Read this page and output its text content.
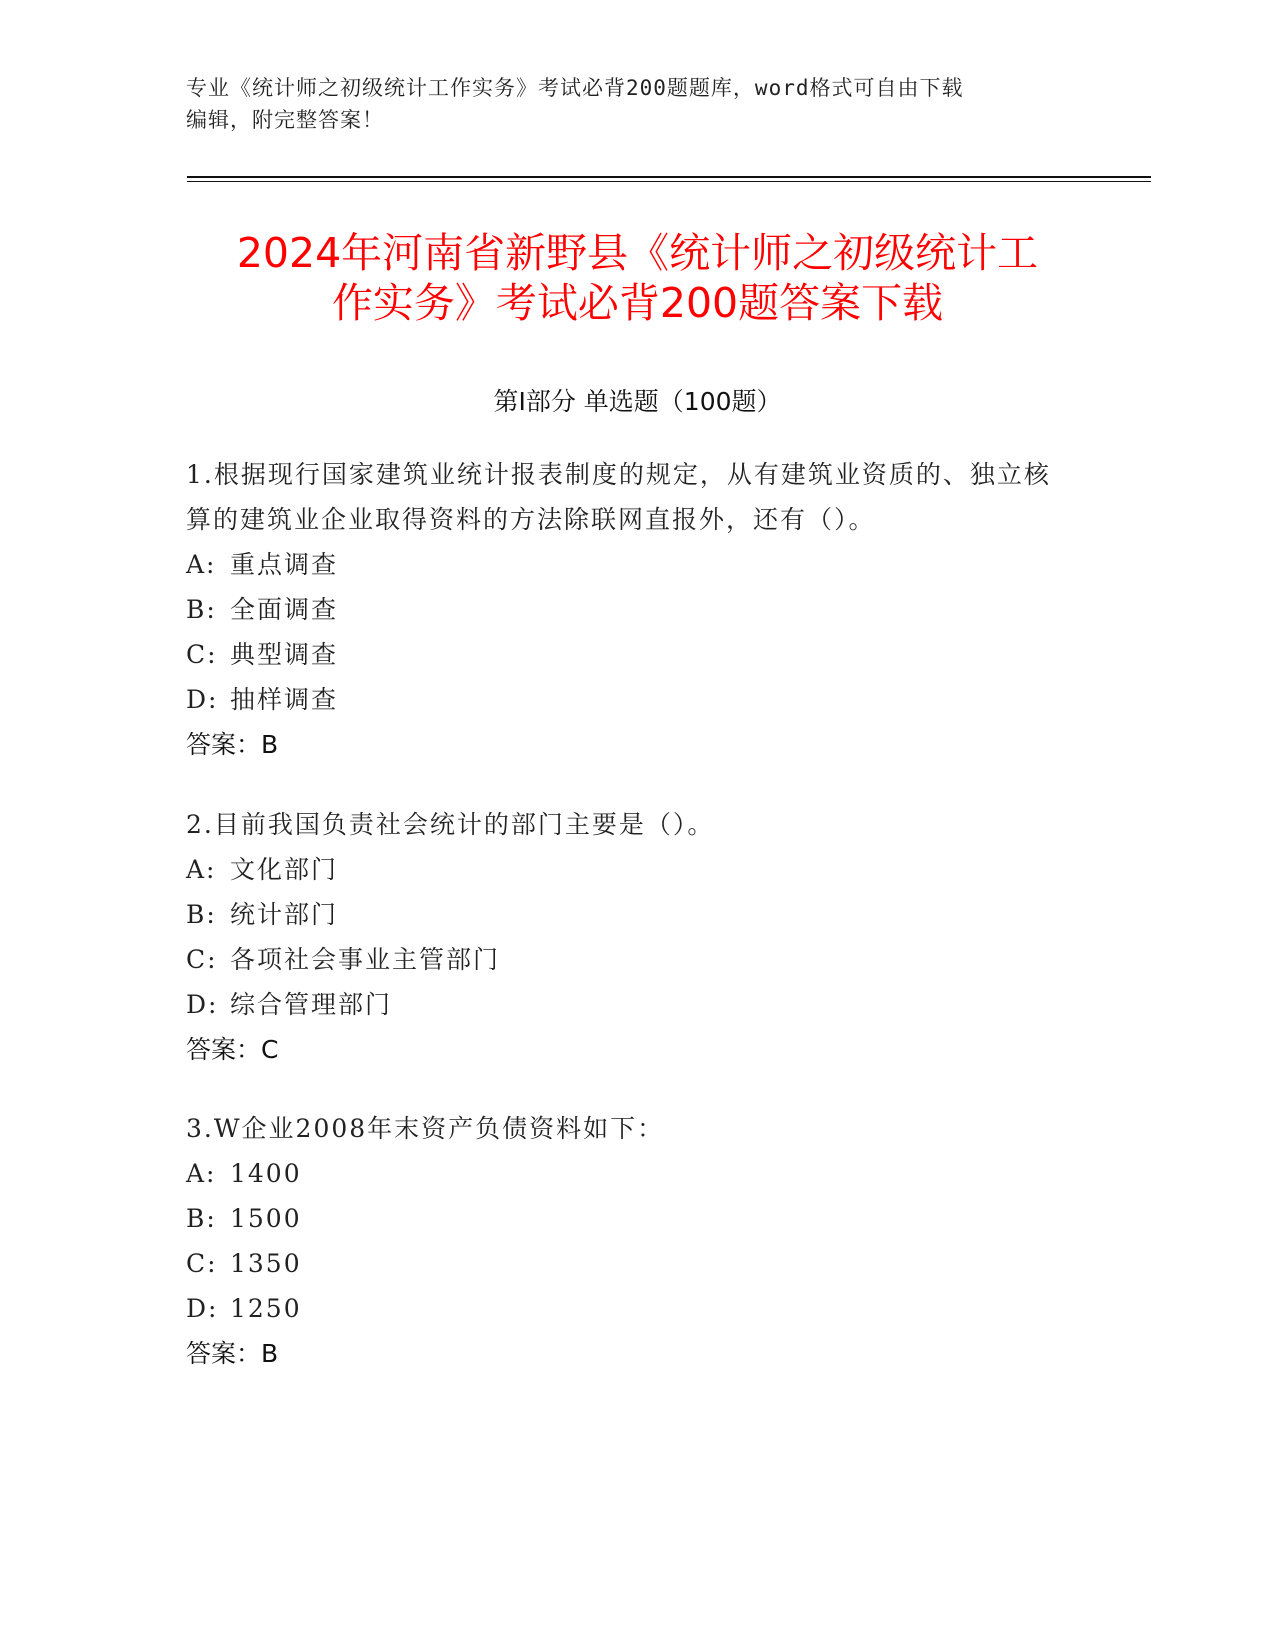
专业《统计师之初级统计工作实务》考试必背200题题库，word格式可自由下载
编辑，附完整答案！
2024年河南省新野县《统计师之初级统计工
作实务》考试必背200题答案下载
第Ⅰ部分 单选题（100题）

1.根据现行国家建筑业统计报表制度的规定，从有建筑业资质的、独立核算的建筑业企业取得资料的方法除联网直报外，还有（）。

A: 重点调查

B: 全面调查

C: 典型调查

D: 抽样调查

答案：B

2.目前我国负责社会统计的部门主要是（）。

A: 文化部门

B: 统计部门

C: 各项社会事业主管部门

D: 综合管理部门

答案：C

3.W企业2008年末资产负债资料如下：

A: 1400

B: 1500

C: 1350

D: 1250

答案：B
